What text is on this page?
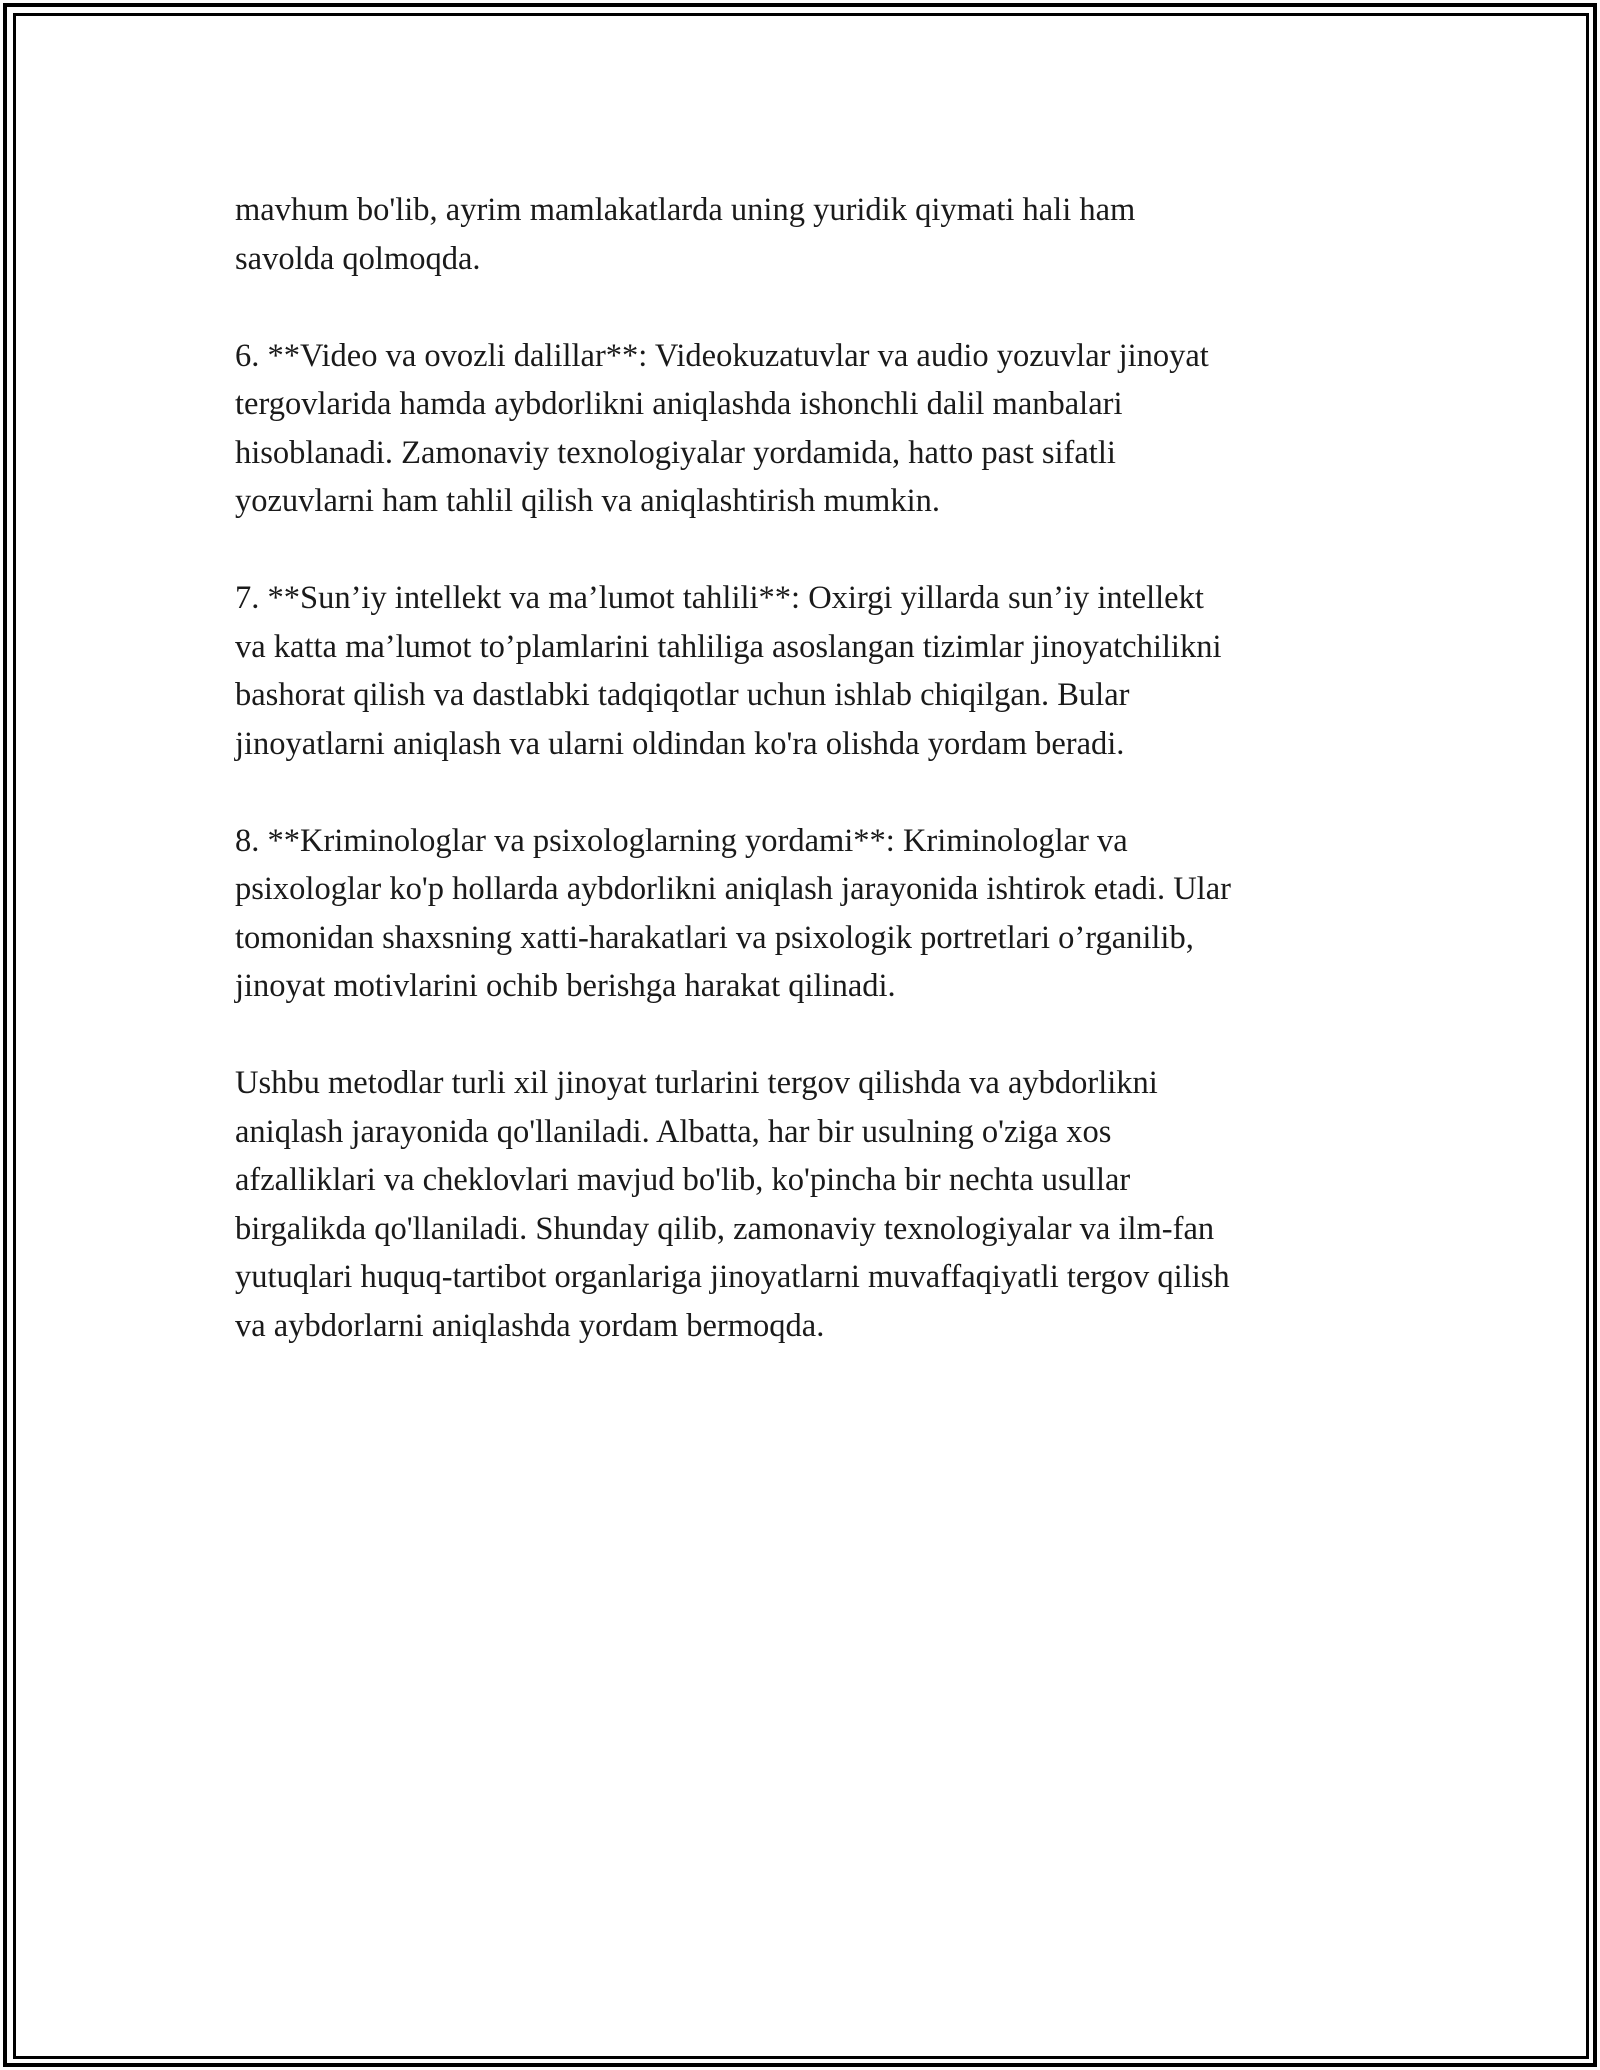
mavhum bo'lib, ayrim mamlakatlarda uning yuridik qiymati hali ham
savolda qolmoqda.

6. **Video va ovozli dalillar**: Videokuzatuvlar va audio yozuvlar jinoyat
tergovlarida hamda aybdorlikni aniqlashda ishonchli dalil manbalari
hisoblanadi. Zamonaviy texnologiyalar yordamida, hatto past sifatli
yozuvlarni ham tahlil qilish va aniqlashtirish mumkin.

7. **Sun’iy intellekt va ma’lumot tahlili**: Oxirgi yillarda sun’iy intellekt
va katta ma’lumot to’plamlarini tahliliga asoslangan tizimlar jinoyatchilikni
bashorat qilish va dastlabki tadqiqotlar uchun ishlab chiqilgan. Bular
jinoyatlarni aniqlash va ularni oldindan ko'ra olishda yordam beradi.

8. **Kriminologlar va psixologlarning yordami**: Kriminologlar va
psixologlar ko'p hollarda aybdorlikni aniqlash jarayonida ishtirok etadi. Ular
tomonidan shaxsning xatti-harakatlari va psixologik portretlari o’rganilib,
jinoyat motivlarini ochib berishga harakat qilinadi.

Ushbu metodlar turli xil jinoyat turlarini tergov qilishda va aybdorlikni
aniqlash jarayonida qo'llaniladi. Albatta, har bir usulning o'ziga xos
afzalliklari va cheklovlari mavjud bo'lib, ko'pincha bir nechta usullar
birgalikda qo'llaniladi. Shunday qilib, zamonaviy texnologiyalar va ilm-fan
yutuqlari huquq-tartibot organlariga jinoyatlarni muvaffaqiyatli tergov qilish
va aybdorlarni aniqlashda yordam bermoqda.
